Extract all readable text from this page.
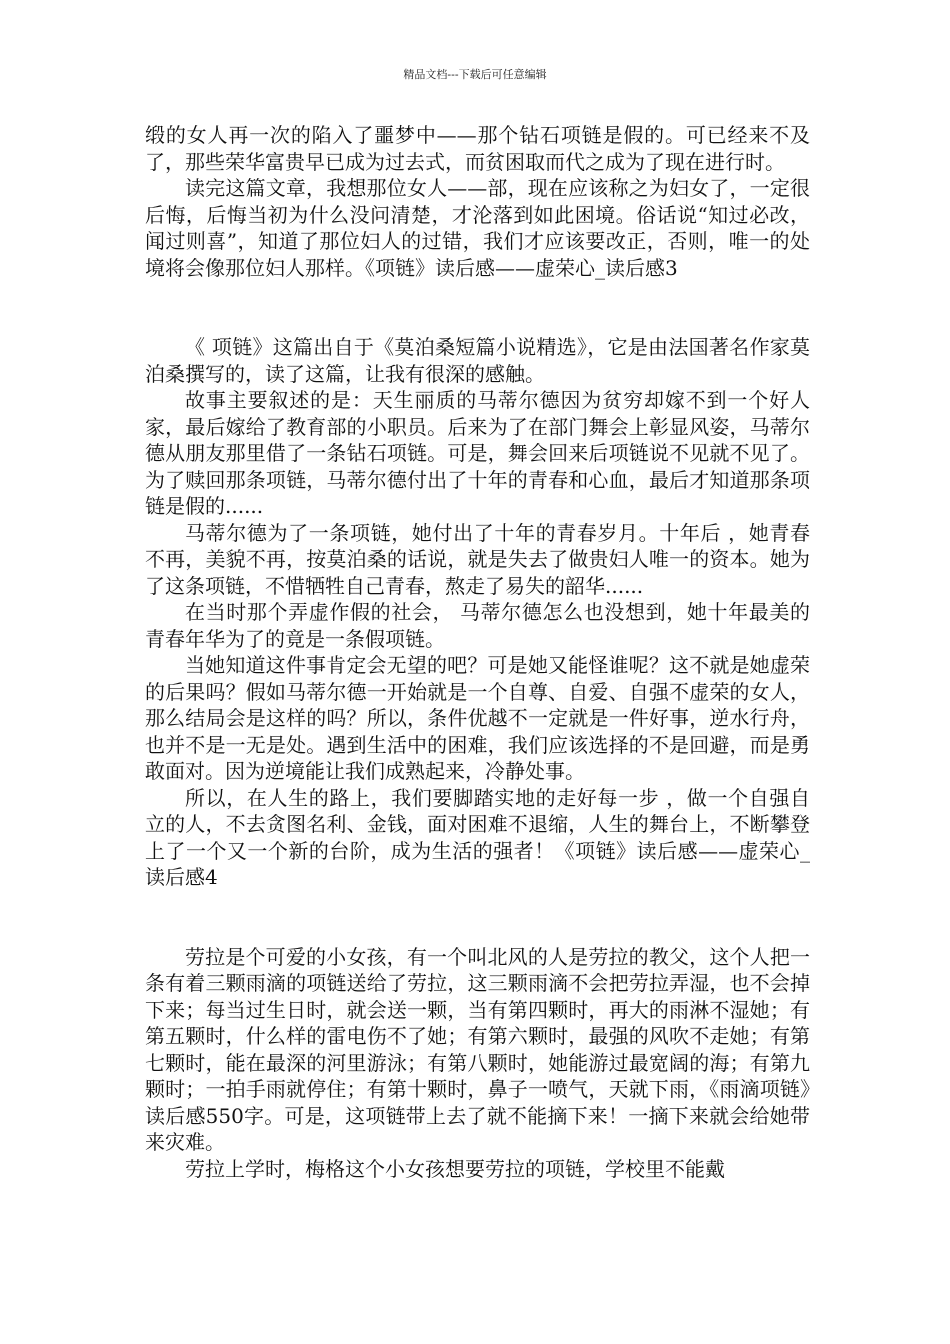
精品文档---下载后可任意编辑

缎的女人再一次的陷入了噩梦中——那个钻石项链是假的。可已经来不及了，那些荣华富贵早已成为过去式，而贫困取而代之成为了现在进行时。

读完这篇文章，我想那位女人——部，现在应该称之为妇女了，一定很后悔，后悔当初为什么没问清楚，才沦落到如此困境。俗话说“知过必改，闻过则喜”，知道了那位妇人的过错，我们才应该要改正，否则，唯一的处境将会像那位妇人那样。《项链》读后感——虚荣心_读后感3

《 项链》这篇出自于《莫泊桑短篇小说精选》，它是由法国著名作家莫泊桑撰写的，读了这篇，让我有很深的感触。

故事主要叙述的是：天生丽质的马蒂尔德因为贫穷却嫁不到一个好人家，最后嫁给了教育部的小职员。后来为了在部门舞会上彰显风姿，马蒂尔德从朋友那里借了一条钻石项链。可是，舞会回来后项链说不见就不见了。为了赎回那条项链，马蒂尔德付出了十年的青春和心血，最后才知道那条项链是假的......

马蒂尔德为了一条项链，她付出了十年的青春岁月。十年后 ，她青春不再，美貌不再，按莫泊桑的话说，就是失去了做贵妇人唯一的资本。她为了这条项链，不惜牺牲自己青春，熬走了易失的韶华......

在当时那个弄虚作假的社会， 马蒂尔德怎么也没想到，她十年最美的青春年华为了的竟是一条假项链。

当她知道这件事肯定会无望的吧？可是她又能怪谁呢？这不就是她虚荣的后果吗？假如马蒂尔德一开始就是一个自尊、自爱、自强不虚荣的女人，那么结局会是这样的吗？所以，条件优越不一定就是一件好事，逆水行舟，也并不是一无是处。遇到生活中的困难，我们应该选择的不是回避，而是勇敢面对。因为逆境能让我们成熟起来，冷静处事。

所以，在人生的路上，我们要脚踏实地的走好每一步 ，做一个自强自立的人，不去贪图名利、金钱，面对困难不退缩，人生的舞台上，不断攀登上了一个又一个新的台阶，成为生活的强者！《项链》读后感——虚荣心_读后感4

劳拉是个可爱的小女孩，有一个叫北风的人是劳拉的教父，这个人把一条有着三颗雨滴的项链送给了劳拉，这三颗雨滴不会把劳拉弄湿，也不会掉下来；每当过生日时，就会送一颗，当有第四颗时，再大的雨淋不湿她；有第五颗时，什么样的雷电伤不了她；有第六颗时，最强的风吹不走她；有第七颗时，能在最深的河里游泳；有第八颗时，她能游过最宽阔的海；有第九颗时；一拍手雨就停住；有第十颗时，鼻子一喷气，天就下雨，《雨滴项链》读后感550字。可是，这项链带上去了就不能摘下来！一摘下来就会给她带来灾难。

劳拉上学时，梅格这个小女孩想要劳拉的项链，学校里不能戴
